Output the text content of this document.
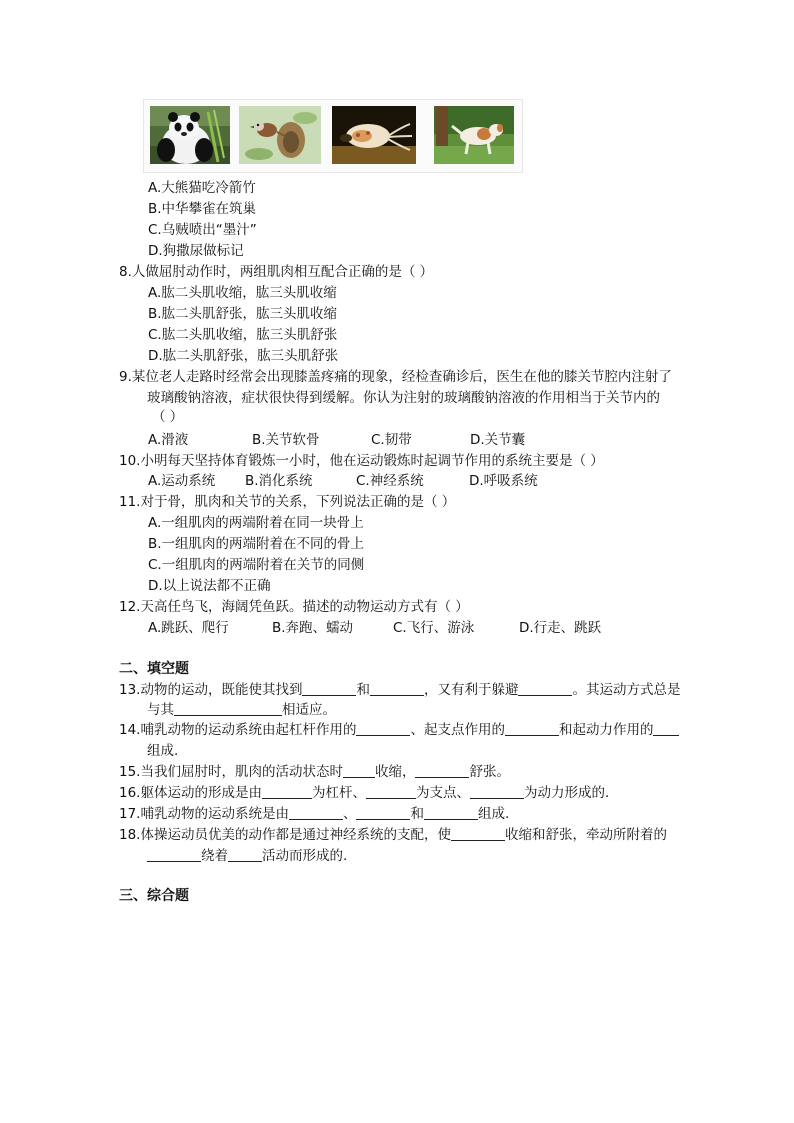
A.大熊猫吃冷箭竹
B.中华攀雀在筑巢
C.乌贼喷出“墨汁”
D.狗撒尿做标记
8.人做屈肘动作时，两组肌肉相互配合正确的是（ ）
A.肱二头肌收缩，肱三头肌收缩
B.肱二头肌舒张，肱三头肌收缩
C.肱二头肌收缩，肱三头肌舒张
D.肱二头肌舒张，肱三头肌舒张
9.某位老人走路时经常会出现膝盖疼痛的现象，经检查确诊后，医生在他的膝关节腔内注射了
玻璃酸钠溶液，症状很快得到缓解。你认为注射的玻璃酸钠溶液的作用相当于关节内的
（ ）
A.滑液	B.关节软骨	C.韧带	D.关节囊
10.小明每天坚持体育锻炼一小时，他在运动锻炼时起调节作用的系统主要是（ ）
A.运动系统 B.消化系统	C.神经系统	D.呼吸系统
11.对于骨，肌肉和关节的关系，下列说法正确的是（ ）
A.一组肌肉的两端附着在同一块骨上
B.一组肌肉的两端附着在不同的骨上
C.一组肌肉的两端附着在关节的同侧
D.以上说法都不正确
12.天高任鸟飞，海阔凭鱼跃。描述的动物运动方式有（ ）
A.跳跃、爬行	B.奔跑、蠕动	C.飞行、游泳	D.行走、跳跃
二、填空题
13.动物的运动，既能使其找到	和	，又有利于躲避	。其运动方式总是
与其	相适应。
14.哺乳动物的运动系统由起杠杆作用的	、起支点作用的	和起动力作用的
组成.
15.当我们屈肘时，肌肉的活动状态时 收缩，	舒张。
16.躯体运动的形成是由	为杠杆、	为支点、	为动力形成的.
17.哺乳动物的运动系统是由	、	和	组成.
18.体操运动员优美的动作都是通过神经系统的支配，使	收缩和舒张，牵动所附着的
绕着	活动而形成的.
三、综合题
